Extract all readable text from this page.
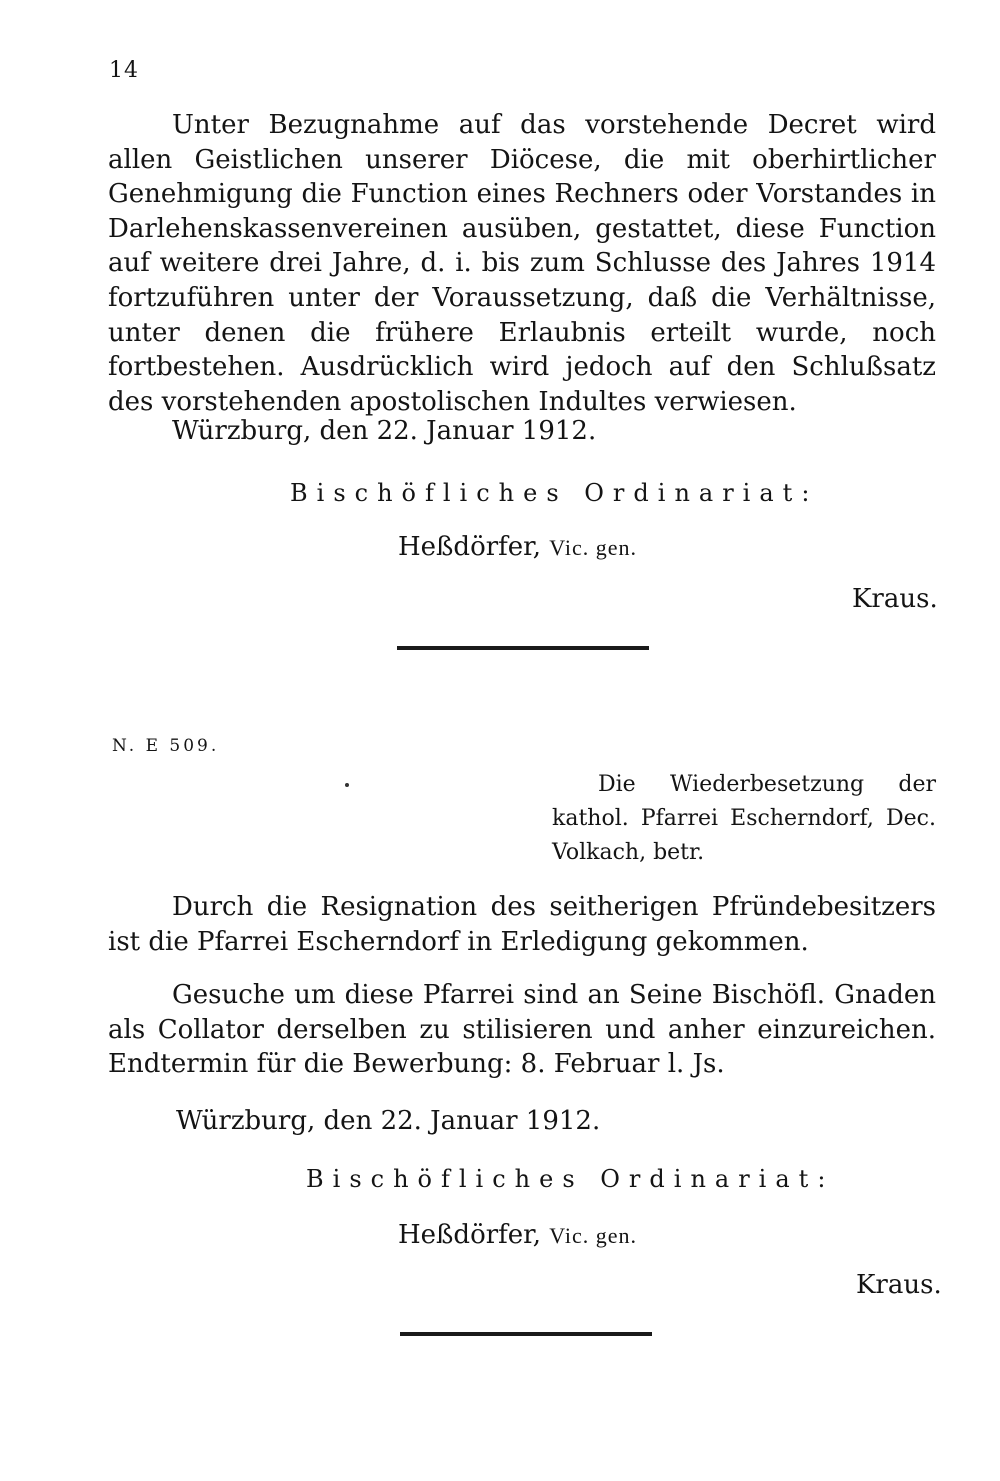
14

Unter Bezugnahme auf das vorstehende Decret wird allen Geistlichen unserer Diöcese, die mit oberhirtlicher Genehmigung die Function eines Rechners oder Vorstandes in Darlehenskassenvereinen ausüben, gestattet, diese Function auf weitere drei Jahre, d. i. bis zum Schlusse des Jahres 1914 fortzuführen unter der Voraussetzung, daß die Verhältnisse, unter denen die frühere Erlaubnis erteilt wurde, noch fortbestehen. Ausdrücklich wird jedoch auf den Schlußsatz des vorstehenden apostolischen Indultes verwiesen.

Würzburg, den 22. Januar 1912.
Bischöfliches Ordinariat:
Heßdörfer, Vic. gen.
Kraus.
N. E 509.

Die Wiederbesetzung der kathol. Pfarrei Escherndorf, Dec. Volkach, betr.

Durch die Resignation des seitherigen Pfründebesitzers ist die Pfarrei Escherndorf in Erledigung gekommen.

Gesuche um diese Pfarrei sind an Seine Bischöfl. Gnaden als Collator derselben zu stilisieren und anher einzureichen. Endtermin für die Bewerbung: 8. Februar l. Js.

Würzburg, den 22. Januar 1912.
Bischöfliches Ordinariat:
Heßdörfer, Vic. gen.
Kraus.
